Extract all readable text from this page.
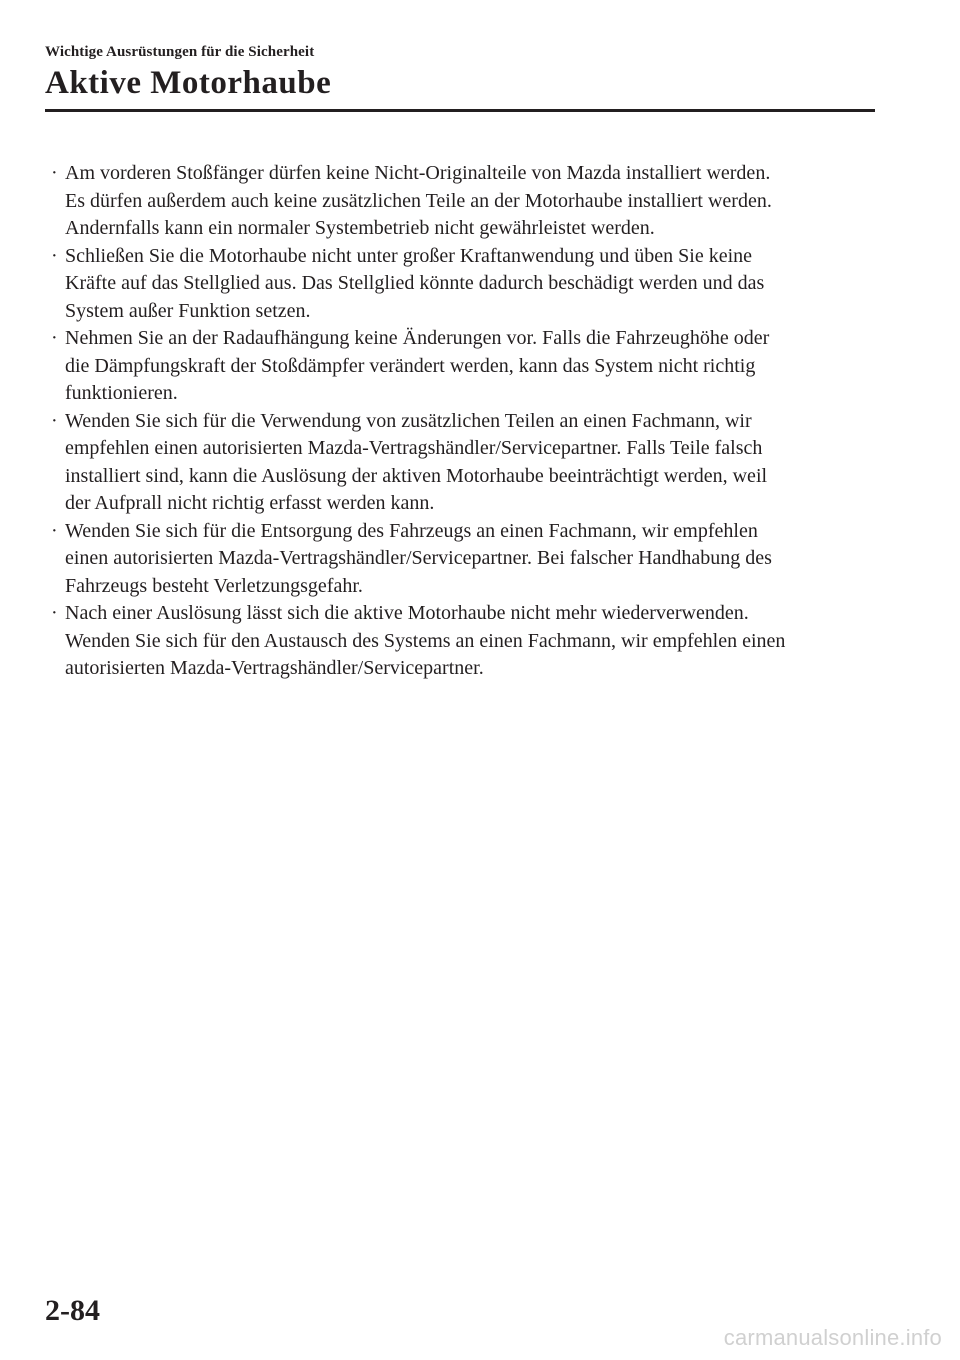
Wichtige Ausrüstungen für die Sicherheit
Aktive Motorhaube
· Am vorderen Stoßfänger dürfen keine Nicht-Originalteile von Mazda installiert werden.
Es dürfen außerdem auch keine zusätzlichen Teile an der Motorhaube installiert werden.
Andernfalls kann ein normaler Systembetrieb nicht gewährleistet werden.
· Schließen Sie die Motorhaube nicht unter großer Kraftanwendung und üben Sie keine
Kräfte auf das Stellglied aus. Das Stellglied könnte dadurch beschädigt werden und das
System außer Funktion setzen.
· Nehmen Sie an der Radaufhängung keine Änderungen vor. Falls die Fahrzeughöhe oder
die Dämpfungskraft der Stoßdämpfer verändert werden, kann das System nicht richtig
funktionieren.
· Wenden Sie sich für die Verwendung von zusätzlichen Teilen an einen Fachmann, wir
empfehlen einen autorisierten Mazda-Vertragshändler/Servicepartner. Falls Teile falsch
installiert sind, kann die Auslösung der aktiven Motorhaube beeinträchtigt werden, weil
der Aufprall nicht richtig erfasst werden kann.
· Wenden Sie sich für die Entsorgung des Fahrzeugs an einen Fachmann, wir empfehlen
einen autorisierten Mazda-Vertragshändler/Servicepartner. Bei falscher Handhabung des
Fahrzeugs besteht Verletzungsgefahr.
· Nach einer Auslösung lässt sich die aktive Motorhaube nicht mehr wiederverwenden.
Wenden Sie sich für den Austausch des Systems an einen Fachmann, wir empfehlen einen
autorisierten Mazda-Vertragshändler/Servicepartner.
2-84
carmanualsonline.info
